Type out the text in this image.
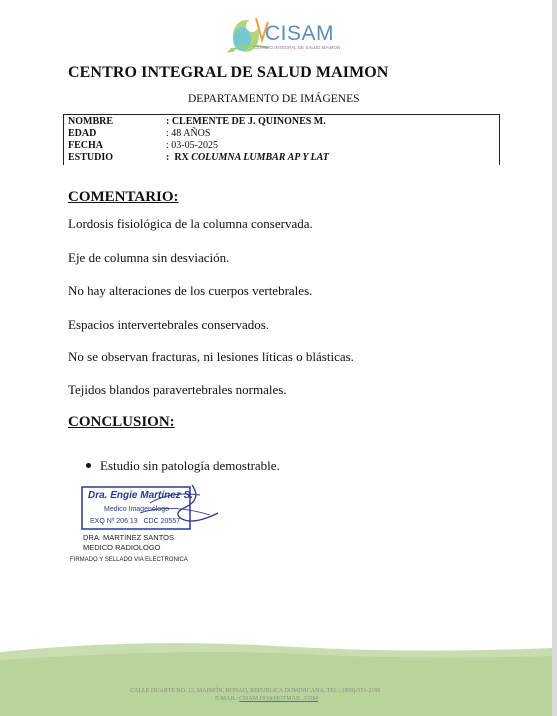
CISAM
CENTRO INTEGRAL DE SALUD MAIMON
CENTRO INTEGRAL DE SALUD MAIMON
DEPARTAMENTO DE IMÁGENES
NOMBRE	: CLEMENTE DE J. QUINONES M.
EDAD	: 48 AÑOS
FECHA	: 03-05-2025
ESTUDIO	:  RX COLUMNA LUMBAR AP Y LAT
COMENTARIO:
Lordosis fisiológica de la columna conservada.
Eje de columna sin desviación.
No hay alteraciones de los cuerpos vertebrales.
Espacios intervertebrales conservados.
No se observan fracturas, ni lesiones líticas o blásticas.
Tejidos blandos paravertebrales normales.
CONCLUSION:
Estudio sin patología demostrable.
Dra. Engie Martinez S.
Medico Imagenólogo
EXQ Nº 206 13   CDC 20557
DRA. MARTINEZ SANTOS
MEDICO RADIOLOGO
FIRMADO Y SELLADO VIA ELECTRONICA
CALLE DUARTE NO. 13, MAIMÓN, BONAO, REPUBLICA DOMINICANA, TEL.: (809)-551-2196
E-MAIL: CISAM.DO@HOTMAIL .COM
